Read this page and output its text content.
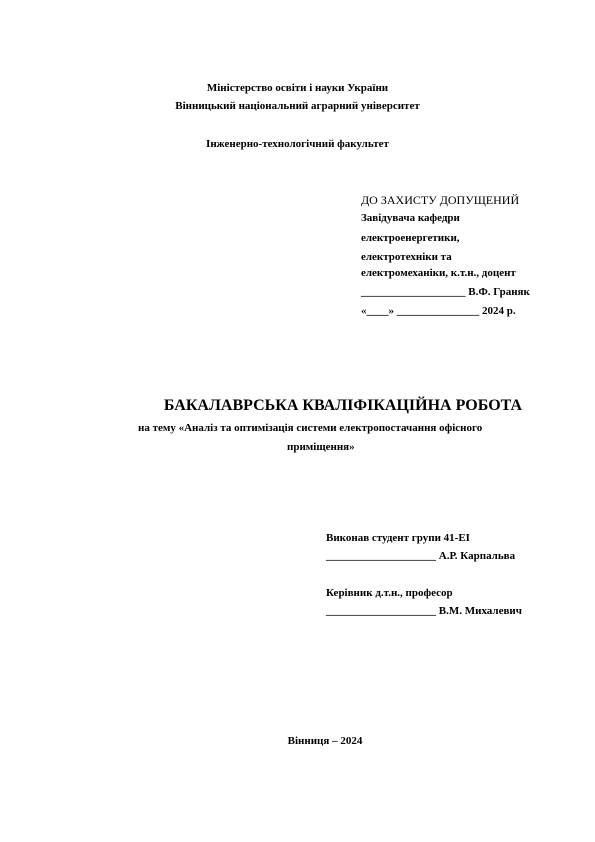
Міністерство освіти і науки України
Вінницький національний аграрний університет
Інженерно-технологічний факультет
ДО ЗАХИСТУ ДОПУЩЕНИЙ
Завідувача кафедри
електроенергетики,
електротехніки та
електромеханіки, к.т.н., доцент
___________________ В.Ф. Граняк
«____» _______________ 2024 р.
БАКАЛАВРСЬКА КВАЛІФІКАЦІЙНА РОБОТА
на тему «Аналіз та оптимізація системи електропостачання офісного
приміщення»
Виконав студент групи 41-ЕІ
____________________ А.Р. Карпальва
Керівник д.т.н., професор
____________________ В.М. Михалевич
Вінниця – 2024
